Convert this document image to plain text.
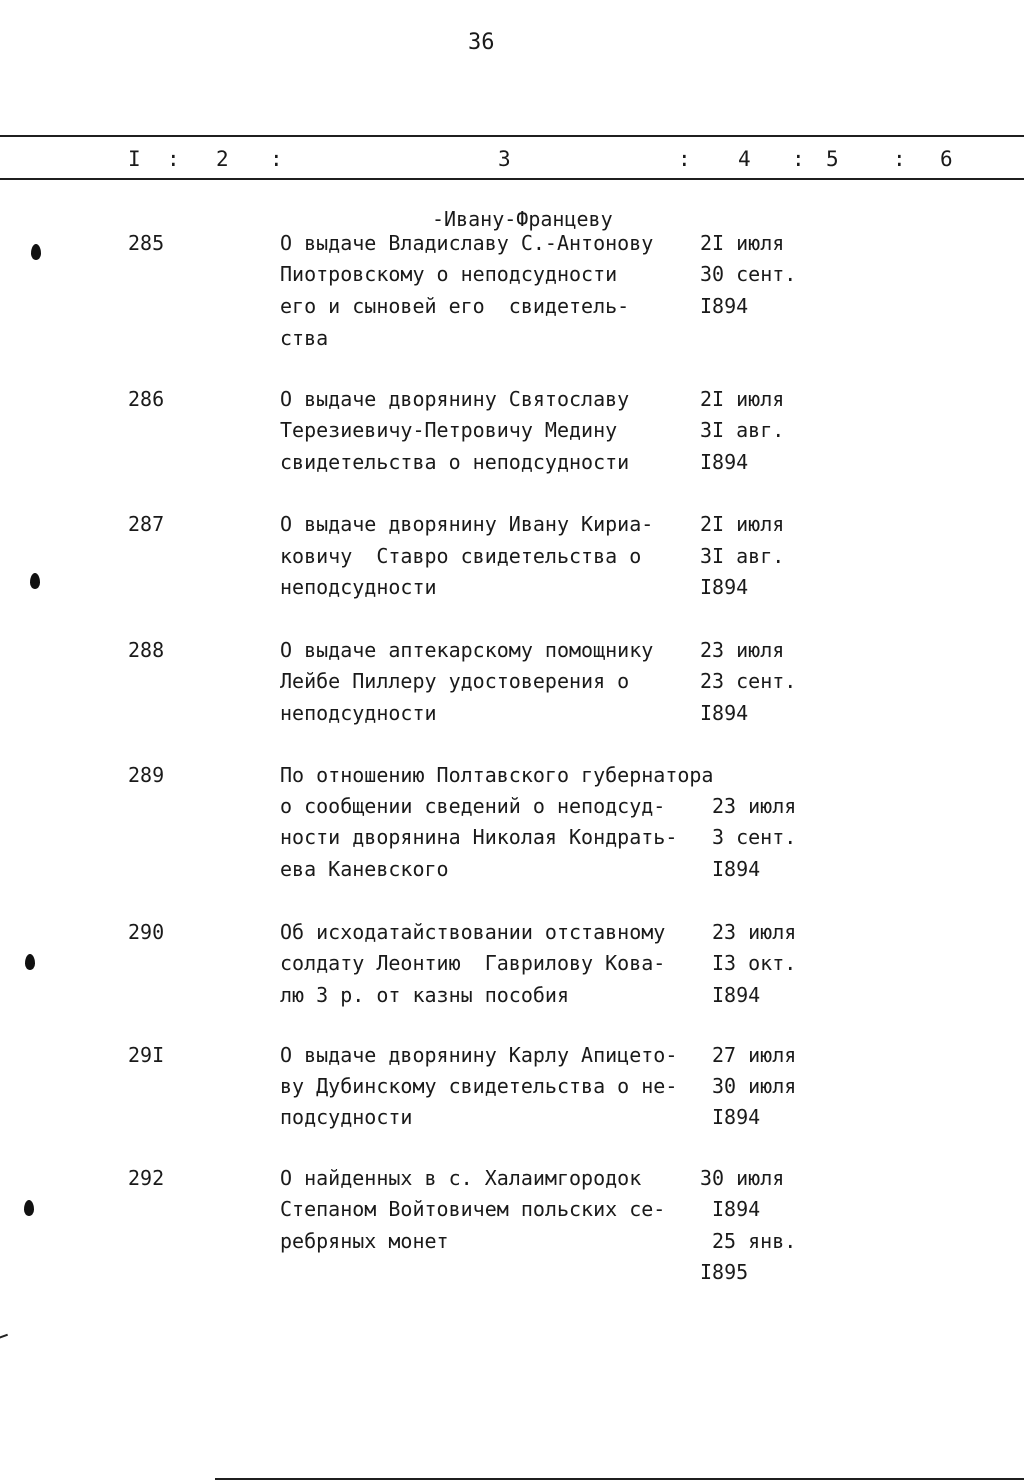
36
I : 2 :	3	: 4 : 5	: 6
-Ивану-Францеву
285	О выдаче Владиславу С.-Антонову
Пиотровскому о неподсудности
его и сыновей его  свидетель-
ства
2I июля
30 сент.
I894
286	О выдаче дворянину Святославу
Терезиевичу-Петровичу Медину
свидетельства о неподсудности
2I июля
3I авг.
I894
287	О выдаче дворянину Ивану Кириа-
ковичу  Ставро свидетельства о
неподсудности
2I июля
3I авг.
I894
288	О выдаче аптекарскому помощнику
Лейбе Пиллеру удостоверения о
неподсудности
23 июля
23 сент.
I894
289	По отношению Полтавского губернатора
о сообщении сведений о неподсуд-
ности дворянина Николая Кондрать-
ева Каневского
23 июля
3 сент.
I894
290	Об исходатайствовании отставному
солдату Леонтию  Гаврилову Кова-
лю 3 р. от казны пособия
23 июля
I3 окт.
I894
29I	О выдаче дворянину Карлу Апицето-
ву Дубинскому свидетельства о не-
подсудности
27 июля
30 июля
I894
292	О найденных в с. Халаимгородок
Степаном Войтовичем польских се-
ребряных монет
30 июля
I894
25 янв.
I895
